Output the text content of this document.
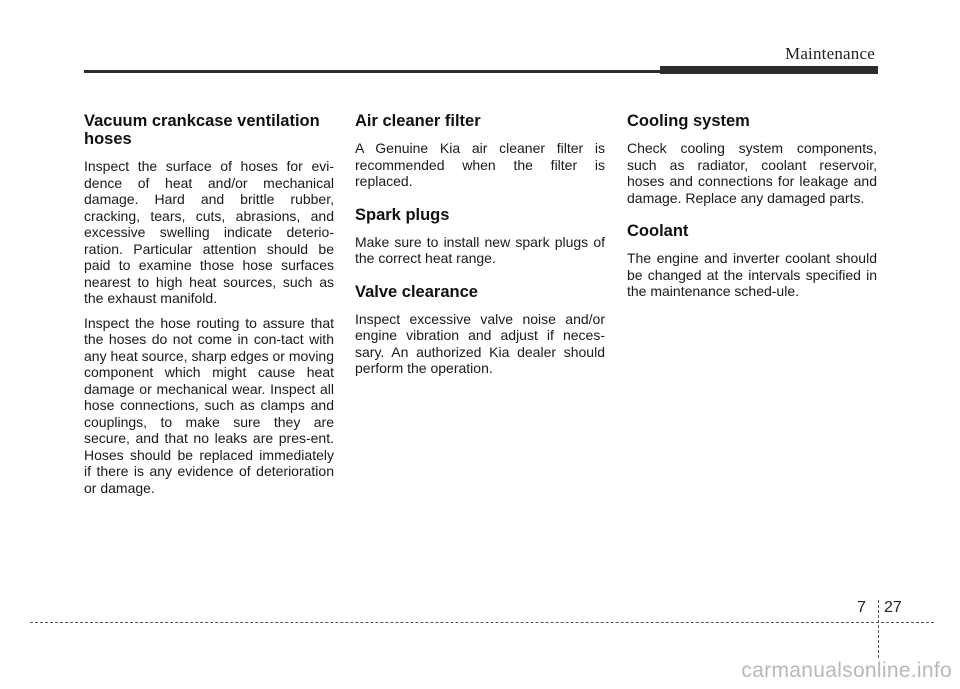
Maintenance
Vacuum crankcase ventilation hoses

Inspect the surface of hoses for evi-dence of heat and/or mechanical damage. Hard and brittle rubber, cracking, tears, cuts, abrasions, and excessive swelling indicate deterio-ration. Particular attention should be paid to examine those hose surfaces nearest to high heat sources, such as the exhaust manifold.

Inspect the hose routing to assure that the hoses do not come in con-tact with any heat source, sharp edges or moving component which might cause heat damage or mechanical wear. Inspect all hose connections, such as clamps and couplings, to make sure they are secure, and that no leaks are pres-ent. Hoses should be replaced immediately if there is any evidence of deterioration or damage.

Air cleaner filter

A Genuine Kia air cleaner filter is recommended when the filter is replaced.

Spark plugs

Make sure to install new spark plugs of the correct heat range.

Valve clearance

Inspect excessive valve noise and/or engine vibration and adjust if neces-sary. An authorized Kia dealer should perform the operation.

Cooling system

Check cooling system components, such as radiator, coolant reservoir, hoses and connections for leakage and damage. Replace any damaged parts.

Coolant

The engine and inverter coolant should be changed at the intervals specified in the maintenance sched-ule.

7 27
carmanualsonline.info
